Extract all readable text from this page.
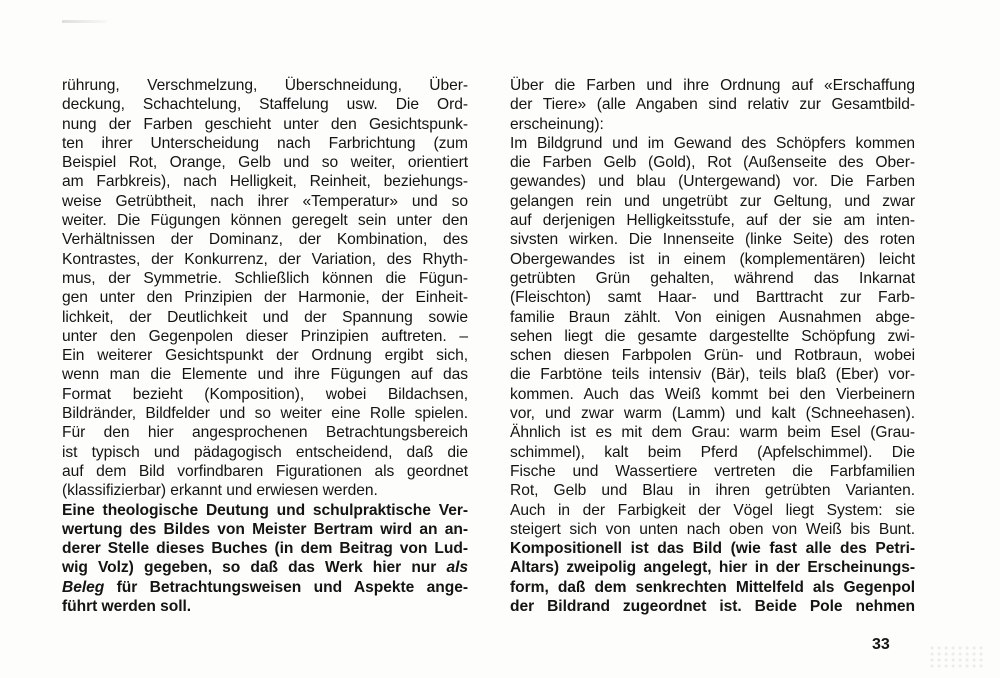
rührung, Verschmelzung, Überschneidung, Über-
deckung, Schachtelung, Staffelung usw. Die Ord-
nung der Farben geschieht unter den Gesichtspunk-
ten ihrer Unterscheidung nach Farbrichtung (zum
Beispiel Rot, Orange, Gelb und so weiter, orientiert
am Farbkreis), nach Helligkeit, Reinheit, beziehungs-
weise Getrübtheit, nach ihrer «Temperatur» und so
weiter. Die Fügungen können geregelt sein unter den
Verhältnissen der Dominanz, der Kombination, des
Kontrastes, der Konkurrenz, der Variation, des Rhyth-
mus, der Symmetrie. Schließlich können die Fügun-
gen unter den Prinzipien der Harmonie, der Einheit-
lichkeit, der Deutlichkeit und der Spannung sowie
unter den Gegenpolen dieser Prinzipien auftreten. –
Ein weiterer Gesichtspunkt der Ordnung ergibt sich,
wenn man die Elemente und ihre Fügungen auf das
Format bezieht (Komposition), wobei Bildachsen,
Bildränder, Bildfelder und so weiter eine Rolle spielen.
Für den hier angesprochenen Betrachtungsbereich
ist typisch und pädagogisch entscheidend, daß die
auf dem Bild vorfindbaren Figurationen als geordnet
(klassifizierbar) erkannt und erwiesen werden.
Eine theologische Deutung und schulpraktische Ver-
wertung des Bildes von Meister Bertram wird an an-
derer Stelle dieses Buches (in dem Beitrag von Lud-
wig Volz) gegeben, so daß das Werk hier nur als
Beleg für Betrachtungsweisen und Aspekte ange-
führt werden soll.
Über die Farben und ihre Ordnung auf «Erschaffung
der Tiere» (alle Angaben sind relativ zur Gesamtbild-
erscheinung):
Im Bildgrund und im Gewand des Schöpfers kommen
die Farben Gelb (Gold), Rot (Außenseite des Ober-
gewandes) und blau (Untergewand) vor. Die Farben
gelangen rein und ungetrübt zur Geltung, und zwar
auf derjenigen Helligkeitsstufe, auf der sie am inten-
sivsten wirken. Die Innenseite (linke Seite) des roten
Obergewandes ist in einem (komplementären) leicht
getrübten Grün gehalten, während das Inkarnat
(Fleischton) samt Haar- und Barttracht zur Farb-
familie Braun zählt. Von einigen Ausnahmen abge-
sehen liegt die gesamte dargestellte Schöpfung zwi-
schen diesen Farbpolen Grün- und Rotbraun, wobei
die Farbtöne teils intensiv (Bär), teils blaß (Eber) vor-
kommen. Auch das Weiß kommt bei den Vierbeinern
vor, und zwar warm (Lamm) und kalt (Schneehasen).
Ähnlich ist es mit dem Grau: warm beim Esel (Grau-
schimmel), kalt beim Pferd (Apfelschimmel). Die
Fische und Wassertiere vertreten die Farbfamilien
Rot, Gelb und Blau in ihren getrübten Varianten.
Auch in der Farbigkeit der Vögel liegt System: sie
steigert sich von unten nach oben von Weiß bis Bunt.
Kompositionell ist das Bild (wie fast alle des Petri-
Altars) zweipolig angelegt, hier in der Erscheinungs-
form, daß dem senkrechten Mittelfeld als Gegenpol
der Bildrand zugeordnet ist. Beide Pole nehmen
33
